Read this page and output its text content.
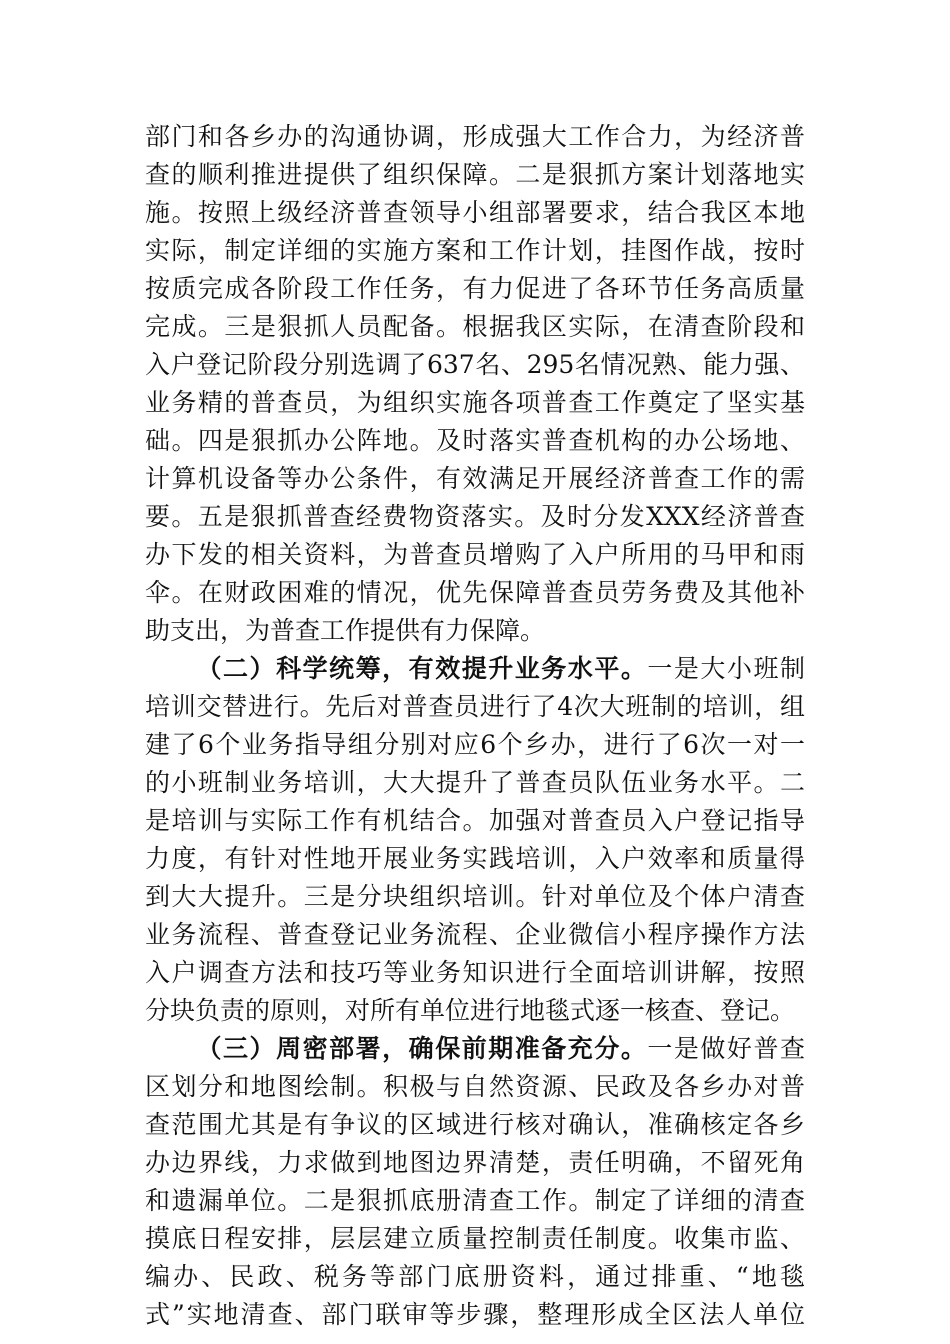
部门和各乡办的沟通协调，形成强大工作合力，为经济普
查的顺利推进提供了组织保障。二是狠抓方案计划落地实
施。按照上级经济普查领导小组部署要求，结合我区本地
实际，制定详细的实施方案和工作计划，挂图作战，按时
按质完成各阶段工作任务，有力促进了各环节任务高质量
完成。三是狠抓人员配备。根据我区实际，在清查阶段和
入户登记阶段分别选调了637名、295名情况熟、能力强、
业务精的普查员，为组织实施各项普查工作奠定了坚实基
础。四是狠抓办公阵地。及时落实普查机构的办公场地、
计算机设备等办公条件，有效满足开展经济普查工作的需
要。五是狠抓普查经费物资落实。及时分发XXX经济普查
办下发的相关资料，为普查员增购了入户所用的马甲和雨
伞。在财政困难的情况，优先保障普查员劳务费及其他补
助支出，为普查工作提供有力保障。
（二）科学统筹，有效提升业务水平。一是大小班制
培训交替进行。先后对普查员进行了4次大班制的培训，组
建了6个业务指导组分别对应6个乡办，进行了6次一对一
的小班制业务培训，大大提升了普查员队伍业务水平。二
是培训与实际工作有机结合。加强对普查员入户登记指导
力度，有针对性地开展业务实践培训，入户效率和质量得
到大大提升。三是分块组织培训。针对单位及个体户清查
业务流程、普查登记业务流程、企业微信小程序操作方法
入户调查方法和技巧等业务知识进行全面培训讲解，按照
分块负责的原则，对所有单位进行地毯式逐一核查、登记。
（三）周密部署，确保前期准备充分。一是做好普查
区划分和地图绘制。积极与自然资源、民政及各乡办对普
查范围尤其是有争议的区域进行核对确认，准确核定各乡
办边界线，力求做到地图边界清楚，责任明确，不留死角
和遗漏单位。二是狠抓底册清查工作。制定了详细的清查
摸底日程安排，层层建立质量控制责任制度。收集市监、
编办、民政、税务等部门底册资料，通过排重、“地毯
式”实地清查、部门联审等步骤，整理形成全区法人单位
